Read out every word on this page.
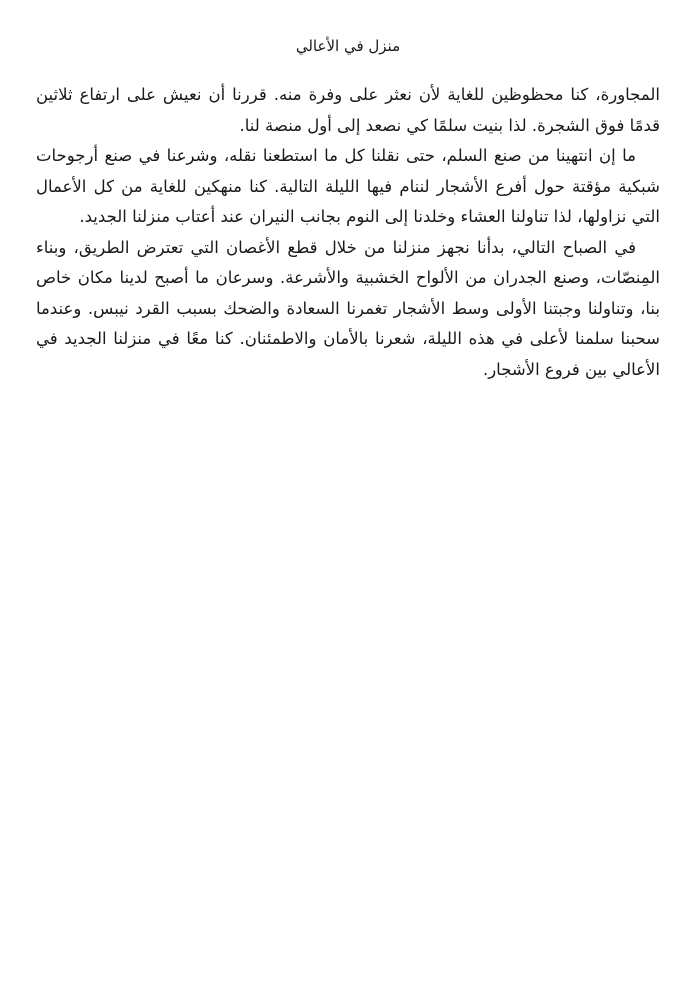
منزل في الأعالي

المجاورة، كنا محظوظين للغاية لأن نعثر على وفرة منه. قررنا أن نعيش على ارتفاع ثلاثين قدمًا فوق الشجرة. لذا بنيت سلمًا كي نصعد إلى أول منصة لنا.

ما إن انتهينا من صنع السلم، حتى نقلنا كل ما استطعنا نقله، وشرعنا في صنع أرجوحات شبكية مؤقتة حول أفرع الأشجار لننام فيها الليلة التالية. كنا منهكين للغاية من كل الأعمال التي نزاولها، لذا تناولنا العشاء وخلدنا إلى النوم بجانب النيران عند أعتاب منزلنا الجديد.

في الصباح التالي، بدأنا نجهز منزلنا من خلال قطع الأغصان التي تعترض الطريق، وبناء المِنصّات، وصنع الجدران من الألواح الخشبية والأشرعة. وسرعان ما أصبح لدينا مكان خاص بنا، وتناولنا وجبتنا الأولى وسط الأشجار تغمرنا السعادة والضحك بسبب القرد نيبس. وعندما سحبنا سلمنا لأعلى في هذه الليلة، شعرنا بالأمان والاطمئنان. كنا معًا في منزلنا الجديد في الأعالي بين فروع الأشجار.
